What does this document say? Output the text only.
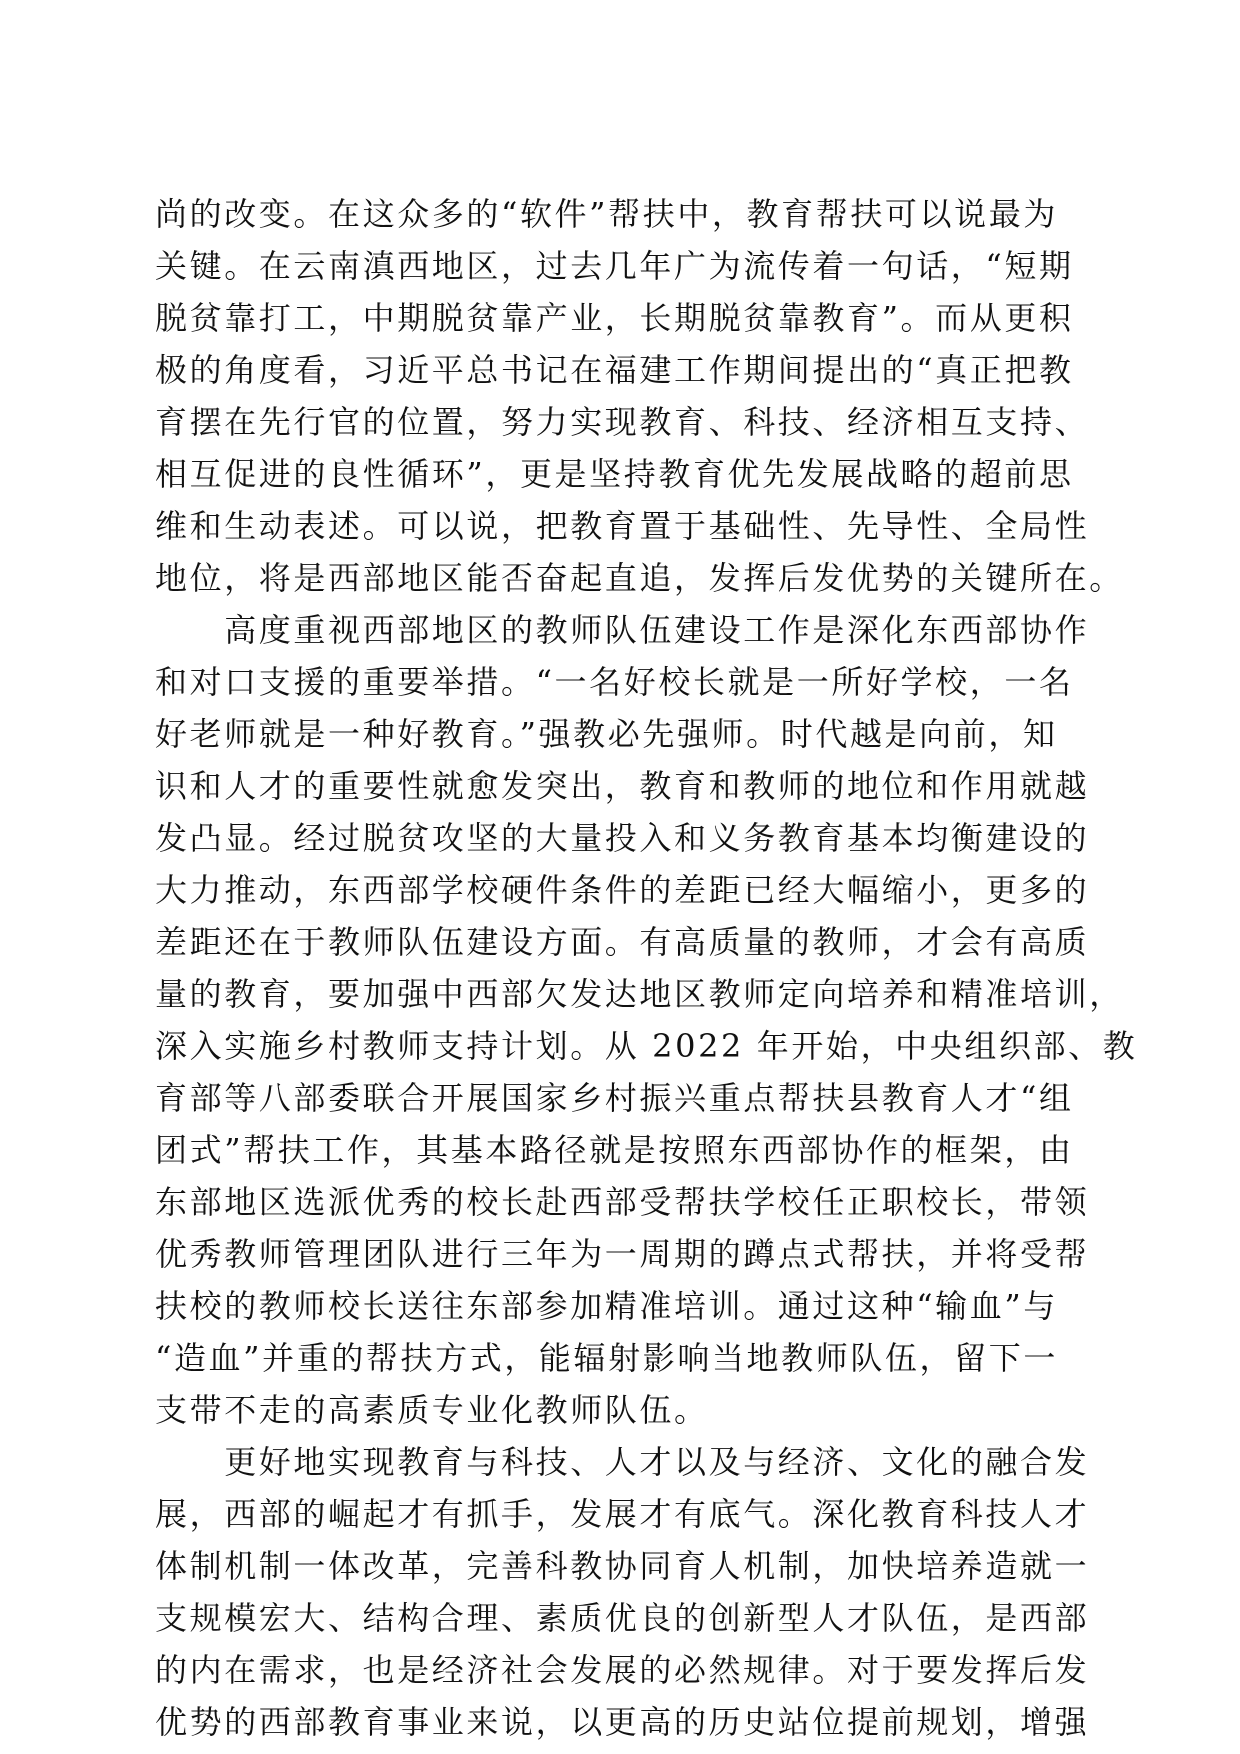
尚的改变。在这众多的“软件”帮扶中，教育帮扶可以说最为
关键。在云南滇西地区，过去几年广为流传着一句话，“短期
脱贫靠打工，中期脱贫靠产业，长期脱贫靠教育”。而从更积
极的角度看，习近平总书记在福建工作期间提出的“真正把教
育摆在先行官的位置，努力实现教育、科技、经济相互支持、
相互促进的良性循环”，更是坚持教育优先发展战略的超前思
维和生动表述。可以说，把教育置于基础性、先导性、全局性
地位，将是西部地区能否奋起直追，发挥后发优势的关键所在。
　　高度重视西部地区的教师队伍建设工作是深化东西部协作
和对口支援的重要举措。“一名好校长就是一所好学校，一名
好老师就是一种好教育。”强教必先强师。时代越是向前，知
识和人才的重要性就愈发突出，教育和教师的地位和作用就越
发凸显。经过脱贫攻坚的大量投入和义务教育基本均衡建设的
大力推动，东西部学校硬件条件的差距已经大幅缩小，更多的
差距还在于教师队伍建设方面。有高质量的教师，才会有高质
量的教育，要加强中西部欠发达地区教师定向培养和精准培训，
深入实施乡村教师支持计划。从 2022 年开始，中央组织部、教
育部等八部委联合开展国家乡村振兴重点帮扶县教育人才“组
团式”帮扶工作，其基本路径就是按照东西部协作的框架，由
东部地区选派优秀的校长赴西部受帮扶学校任正职校长，带领
优秀教师管理团队进行三年为一周期的蹲点式帮扶，并将受帮
扶校的教师校长送往东部参加精准培训。通过这种“输血”与
“造血”并重的帮扶方式，能辐射影响当地教师队伍，留下一
支带不走的高素质专业化教师队伍。
　　更好地实现教育与科技、人才以及与经济、文化的融合发
展，西部的崛起才有抓手，发展才有底气。深化教育科技人才
体制机制一体改革，完善科教协同育人机制，加快培养造就一
支规模宏大、结构合理、素质优良的创新型人才队伍，是西部
的内在需求，也是经济社会发展的必然规律。对于要发挥后发
优势的西部教育事业来说，以更高的历史站位提前规划，增强
